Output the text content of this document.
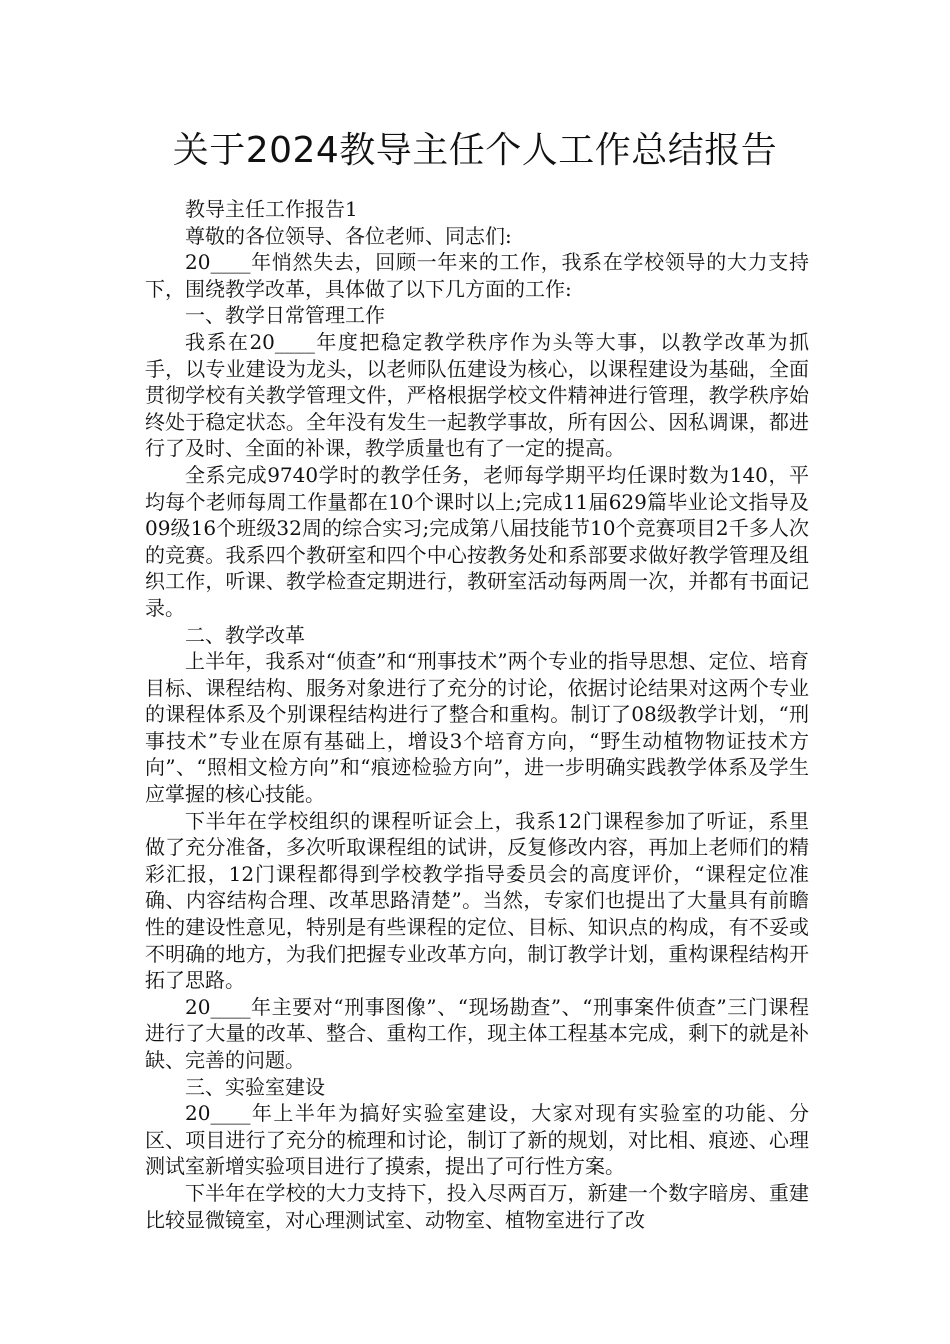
关于2024教导主任个人工作总结报告

教导主任工作报告1

尊敬的各位领导、各位老师、同志们:

20____年悄然失去，回顾一年来的工作，我系在学校领导的大力支持下，围绕教学改革，具体做了以下几方面的工作:

一、教学日常管理工作

我系在20____年度把稳定教学秩序作为头等大事，以教学改革为抓手，以专业建设为龙头，以老师队伍建设为核心，以课程建设为基础，全面贯彻学校有关教学管理文件，严格根据学校文件精神进行管理，教学秩序始终处于稳定状态。全年没有发生一起教学事故，所有因公、因私调课，都进行了及时、全面的补课，教学质量也有了一定的提高。

全系完成9740学时的教学任务，老师每学期平均任课时数为140，平均每个老师每周工作量都在10个课时以上;完成11届629篇毕业论文指导及09级16个班级32周的综合实习;完成第八届技能节10个竞赛项目2千多人次的竞赛。我系四个教研室和四个中心按教务处和系部要求做好教学管理及组织工作，听课、教学检查定期进行，教研室活动每两周一次，并都有书面记录。

二、教学改革

上半年，我系对“侦查”和“刑事技术”两个专业的指导思想、定位、培育目标、课程结构、服务对象进行了充分的讨论，依据讨论结果对这两个专业的课程体系及个别课程结构进行了整合和重构。制订了08级教学计划，“刑事技术”专业在原有基础上，增设3个培育方向，“野生动植物物证技术方向”、“照相文检方向”和“痕迹检验方向”，进一步明确实践教学体系及学生应掌握的核心技能。

下半年在学校组织的课程听证会上，我系12门课程参加了听证，系里做了充分准备，多次听取课程组的试讲，反复修改内容，再加上老师们的精彩汇报，12门课程都得到学校教学指导委员会的高度评价，“课程定位准确、内容结构合理、改革思路清楚”。当然，专家们也提出了大量具有前瞻性的建设性意见，特别是有些课程的定位、目标、知识点的构成，有不妥或不明确的地方，为我们把握专业改革方向，制订教学计划，重构课程结构开拓了思路。

20____年主要对“刑事图像”、“现场勘查”、“刑事案件侦查”三门课程进行了大量的改革、整合、重构工作，现主体工程基本完成，剩下的就是补缺、完善的问题。

三、实验室建设

20____年上半年为搞好实验室建设，大家对现有实验室的功能、分区、项目进行了充分的梳理和讨论，制订了新的规划，对比相、痕迹、心理测试室新增实验项目进行了摸索，提出了可行性方案。

下半年在学校的大力支持下，投入尽两百万，新建一个数字暗房、重建比较显微镜室，对心理测试室、动物室、植物室进行了改
